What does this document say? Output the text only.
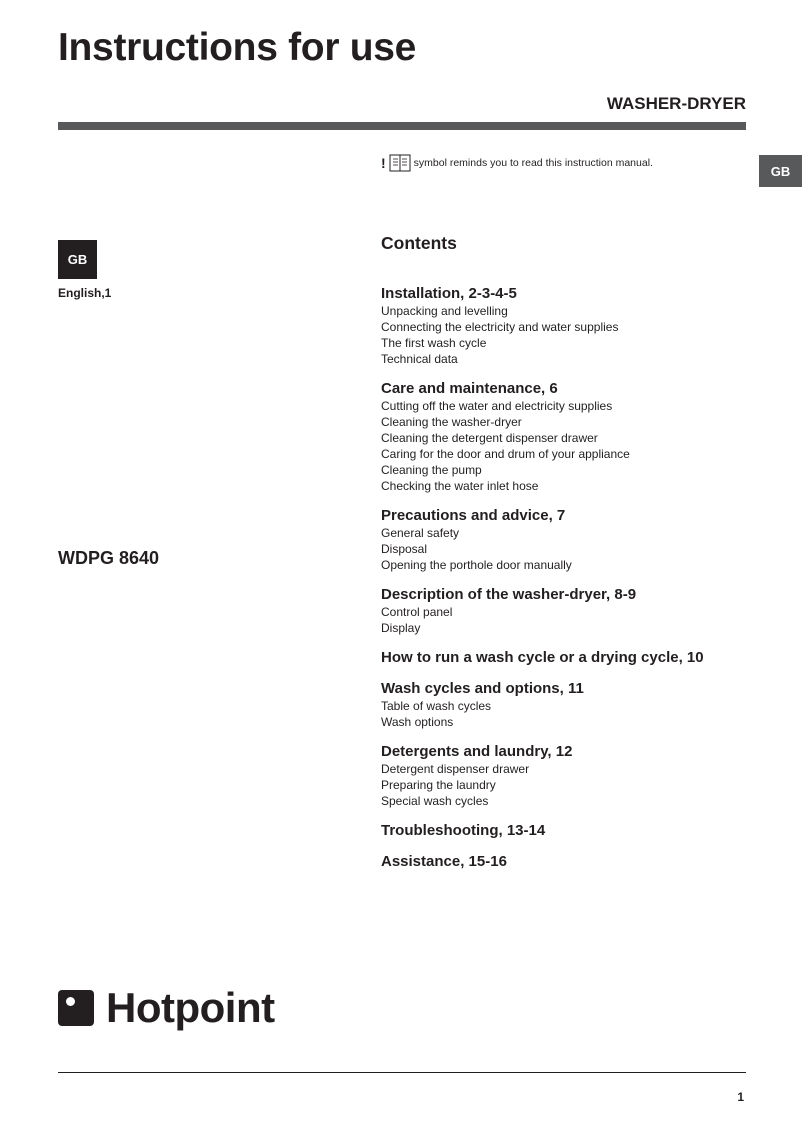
Instructions for use
WASHER-DRYER
GB
!	symbol reminds you to read this instruction manual.
GB
English,1
WDPG 8640
Contents
Installation, 2-3-4-5
Unpacking and levelling
Connecting the electricity and water supplies
The first wash cycle
Technical data
Care and maintenance, 6
Cutting off the water and electricity supplies
Cleaning the washer-dryer
Cleaning the detergent dispenser drawer
Caring for the door and drum of your appliance
Cleaning the pump
Checking the water inlet hose
Precautions and advice, 7
General safety
Disposal
Opening the porthole door manually
Description of the washer-dryer, 8-9
Control panel
Display
How to run a wash cycle or a drying cycle, 10
Wash cycles and options, 11
Table of wash cycles
Wash options
Detergents and laundry, 12
Detergent dispenser drawer
Preparing the laundry
Special wash cycles
Troubleshooting, 13-14
Assistance, 15-16
Hotpoint
1
